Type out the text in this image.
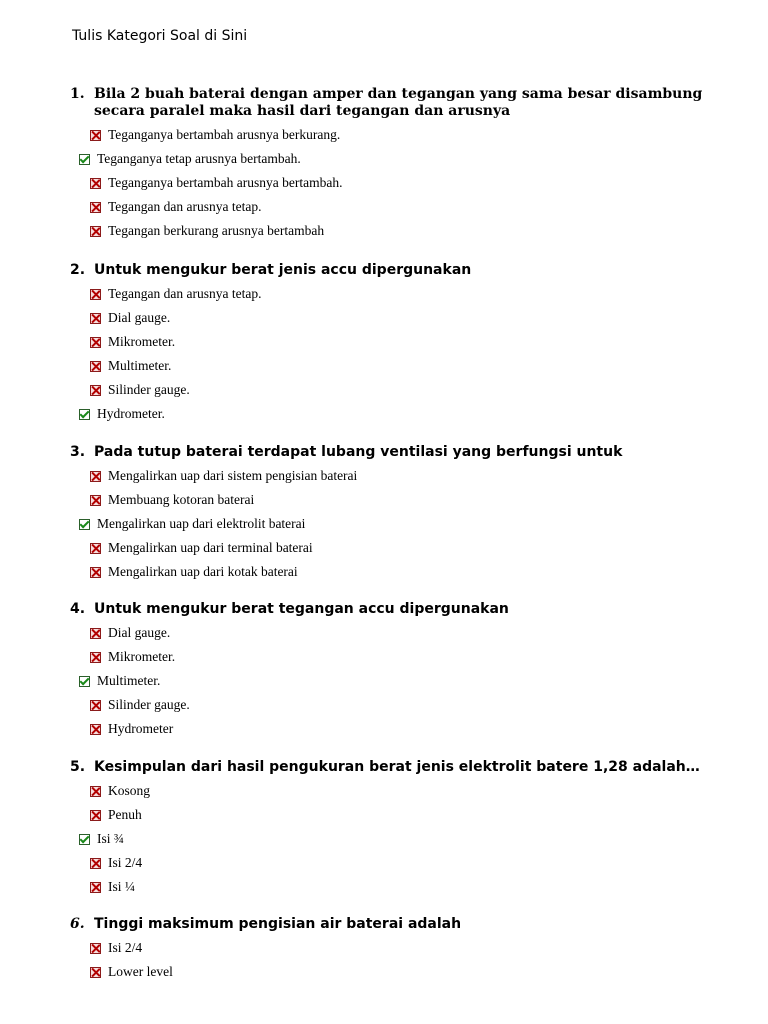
Tulis Kategori Soal di Sini
1. Bila 2 buah baterai dengan amper dan tegangan yang sama besar disambung secara paralel maka hasil dari tegangan dan arusnya
Teganganya bertambah arusnya berkurang.
Teganganya tetap arusnya bertambah.
Teganganya bertambah arusnya bertambah.
Tegangan dan arusnya tetap.
Tegangan berkurang arusnya bertambah
2. Untuk mengukur berat jenis accu dipergunakan
Tegangan dan arusnya tetap.
Dial gauge.
Mikrometer.
Multimeter.
Silinder gauge.
Hydrometer.
3. Pada tutup baterai terdapat lubang ventilasi yang berfungsi untuk
Mengalirkan uap dari sistem pengisian baterai
Membuang kotoran baterai
Mengalirkan uap dari elektrolit baterai
Mengalirkan uap dari terminal baterai
Mengalirkan uap dari kotak baterai
4. Untuk mengukur berat tegangan accu dipergunakan
Dial gauge.
Mikrometer.
Multimeter.
Silinder gauge.
Hydrometer
5. Kesimpulan dari hasil pengukuran berat jenis elektrolit batere 1,28 adalah…
Kosong
Penuh
Isi ¾
Isi 2/4
Isi ¼
6. Tinggi maksimum pengisian air baterai adalah
Isi 2/4
Lower level
